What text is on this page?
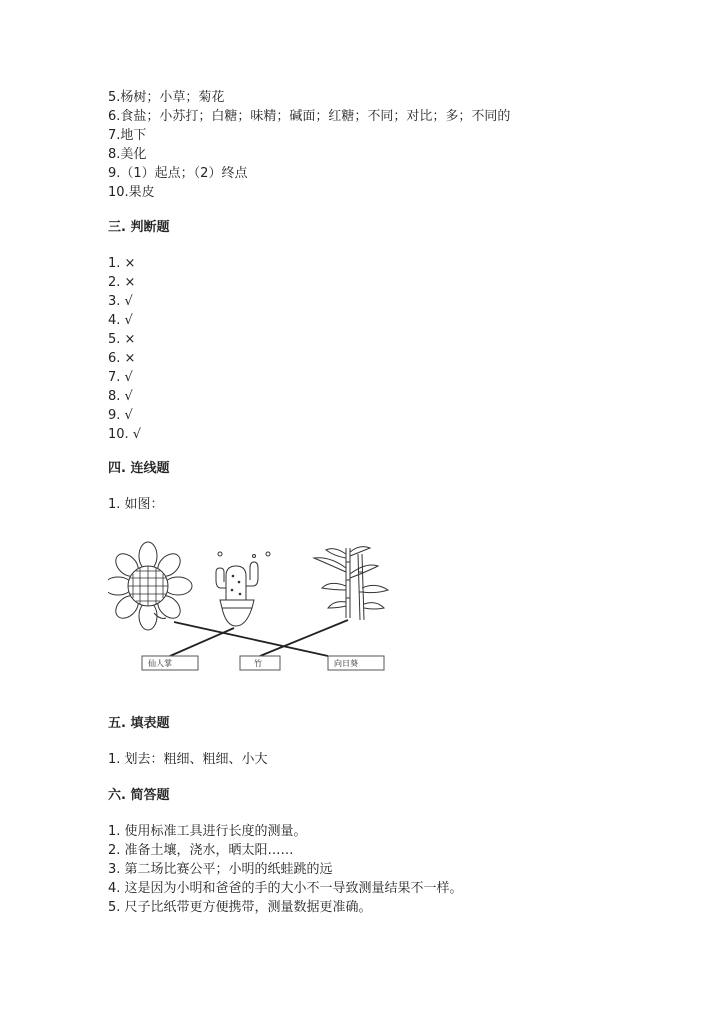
5.杨树；小草；菊花
6.食盐；小苏打；白糖；味精；碱面；红糖；不同；对比；多；不同的
7.地下
8.美化
9.（1）起点；（2）终点
10.果皮
三. 判断题
1. ×
2. ×
3. √
4. √
5. ×
6. ×
7. √
8. √
9. √
10. √
四. 连线题
1. 如图：
仙人掌	竹	向日葵
五. 填表题
1. 划去：粗细、粗细、小大
六. 简答题
1. 使用标准工具进行长度的测量。
2. 准备土壤，浇水，晒太阳……
3. 第二场比赛公平；小明的纸蛙跳的远
4. 这是因为小明和爸爸的手的大小不一导致测量结果不一样。
5. 尺子比纸带更方便携带，测量数据更准确。
